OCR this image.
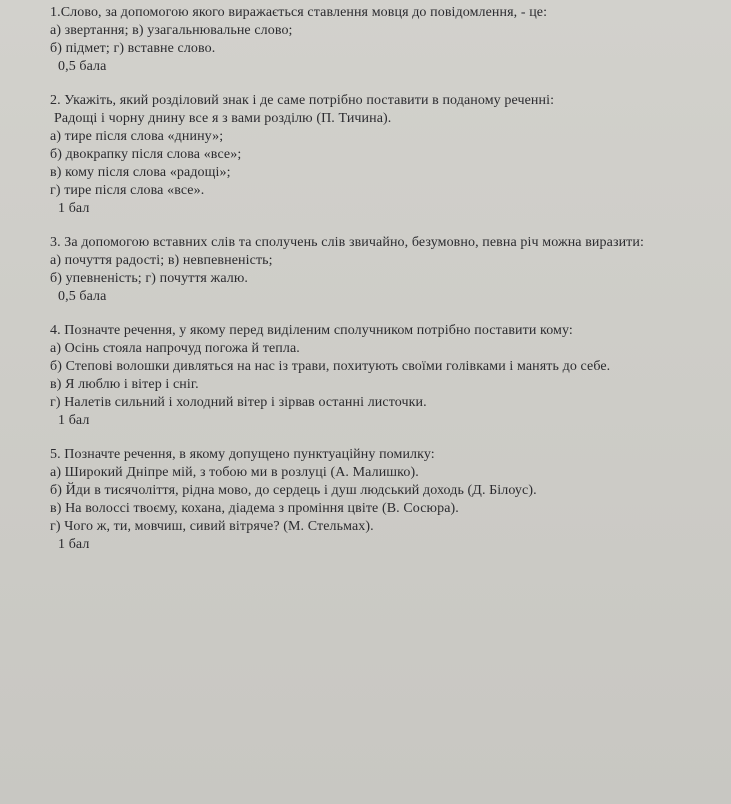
1.Слово, за допомогою якого виражається ставлення мовця до повідомлення, - це:

а) звертання; в) узагальнювальне слово;

б) підмет; г) вставне слово.

0,5 бала

2. Укажіть, який розділовий знак і де саме потрібно поставити в поданому реченні:

Радощі і чорну днину все я з вами розділю (П. Тичина).

а) тире після слова «днину»;

б) двокрапку після слова «все»;

в) кому після слова «радощі»;

г) тире після слова «все».

1 бал

3. За допомогою вставних слів та сполучень слів звичайно, безумовно, певна річ можна виразити:

а) почуття радості; в) невпевненість;

б) упевненість; г) почуття жалю.

0,5 бала

4. Позначте речення, у якому перед виділеним сполучником потрібно поставити кому:

а) Осінь стояла напрочуд погожа й тепла.

б) Степові волошки дивляться на нас із трави, похитують своїми голівками і манять до себе.

в) Я люблю і вітер і сніг.

г) Налетів сильний і холодний вітер і зірвав останні листочки.

1 бал

5. Позначте речення, в якому допущено пунктуаційну помилку:

а) Широкий Дніпре мій, з тобою ми в розлуці (А. Малишко).

б) Йди в тисячоліття, рідна мово, до сердець і душ людський доходь (Д. Білоус).

в) На волоссі твоєму, кохана, діадема з проміння цвіте (В. Сосюра).

г) Чого ж, ти, мовчиш, сивий вітряче? (М. Стельмах).

1 бал
